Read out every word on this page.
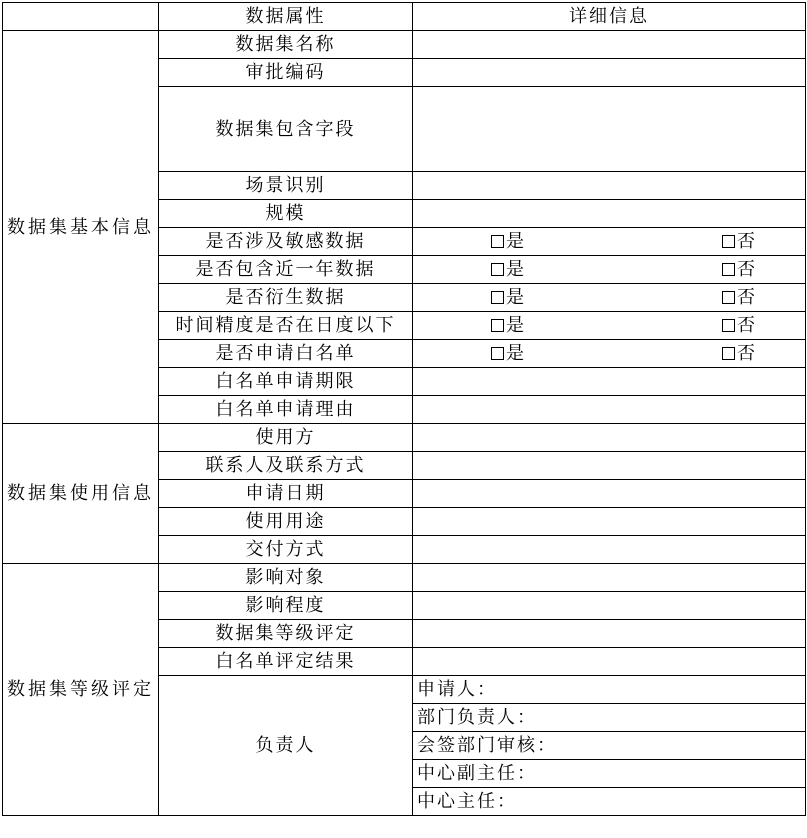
	数据属性	详细信息
数据集基本信息	数据集名称	
	审批编码	
	数据集包含字段	
	场景识别	
	规模	
	是否涉及敏感数据	是 否

	是否包含近一年数据	是 否

	是否衍生数据	是 否

	时间精度是否在日度以下	是 否

	是否申请白名单	是 否

	白名单申请期限	
	白名单申请理由	
数据集使用信息	使用方	
	联系人及联系方式	
	申请日期	
	使用用途	
	交付方式	
数据集等级评定	影响对象	
	影响程度	
	数据集等级评定	
	白名单评定结果	
	负责人	申请人：
		部门负责人：
		会签部门审核：
		中心副主任：
		中心主任：
